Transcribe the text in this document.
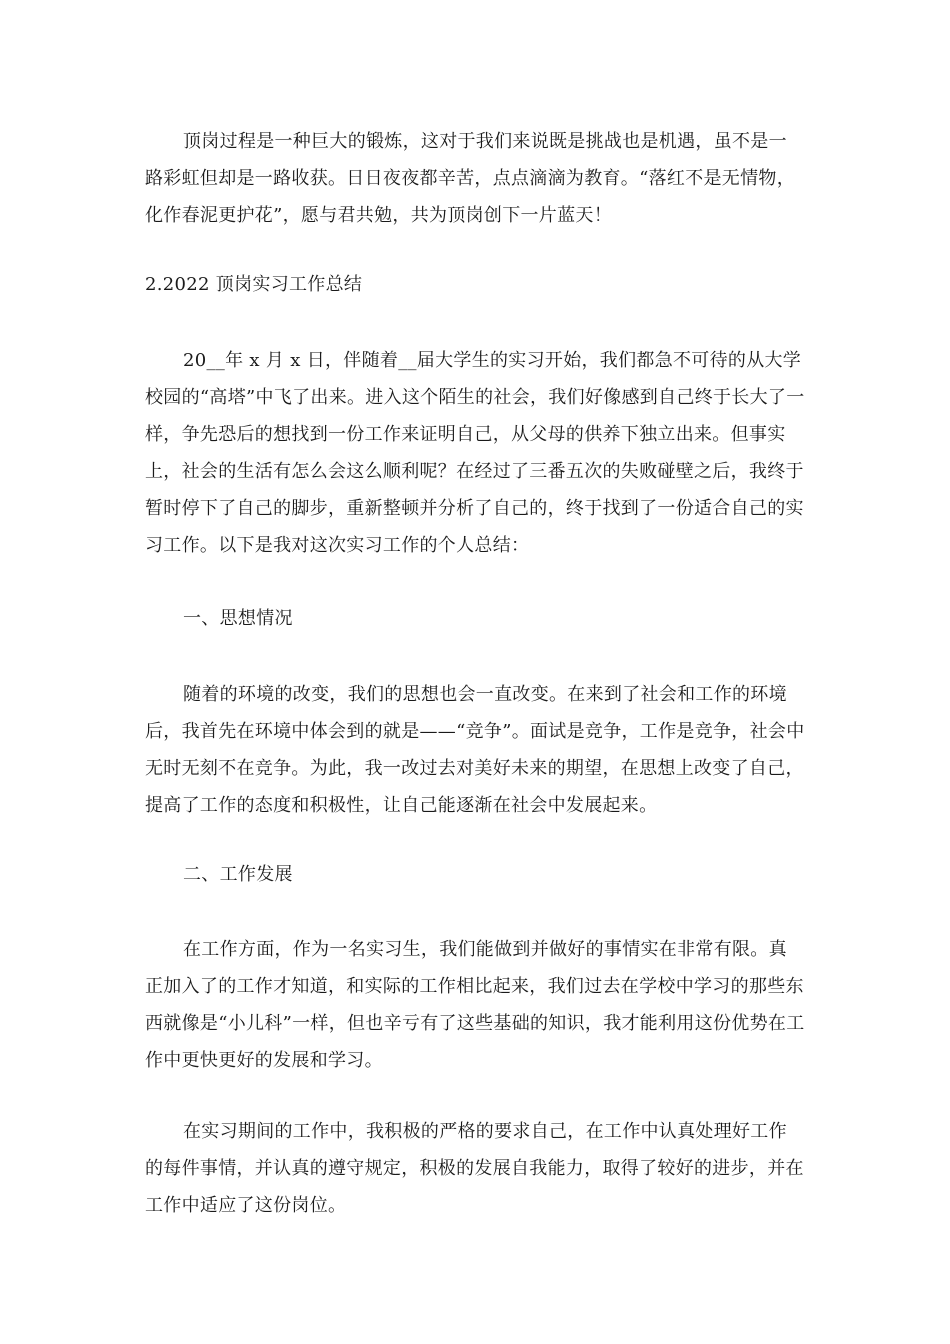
顶岗过程是一种巨大的锻炼，这对于我们来说既是挑战也是机遇，虽不是一路彩虹但却是一路收获。日日夜夜都辛苦，点点滴滴为教育。“落红不是无情物，化作春泥更护花”，愿与君共勉，共为顶岗创下一片蓝天！

2.2022 顶岗实习工作总结

20__年 x 月 x 日，伴随着__届大学生的实习开始，我们都急不可待的从大学校园的“高塔”中飞了出来。进入这个陌生的社会，我们好像感到自己终于长大了一样，争先恐后的想找到一份工作来证明自己，从父母的供养下独立出来。但事实上，社会的生活有怎么会这么顺利呢？在经过了三番五次的失败碰壁之后，我终于暂时停下了自己的脚步，重新整顿并分析了自己的，终于找到了一份适合自己的实习工作。以下是我对这次实习工作的个人总结：

一、思想情况

随着的环境的改变，我们的思想也会一直改变。在来到了社会和工作的环境后，我首先在环境中体会到的就是——“竞争”。面试是竞争，工作是竞争，社会中无时无刻不在竞争。为此，我一改过去对美好未来的期望，在思想上改变了自己，提高了工作的态度和积极性，让自己能逐渐在社会中发展起来。

二、工作发展

在工作方面，作为一名实习生，我们能做到并做好的事情实在非常有限。真正加入了的工作才知道，和实际的工作相比起来，我们过去在学校中学习的那些东西就像是“小儿科”一样，但也辛亏有了这些基础的知识，我才能利用这份优势在工作中更快更好的发展和学习。

在实习期间的工作中，我积极的严格的要求自己，在工作中认真处理好工作的每件事情，并认真的遵守规定，积极的发展自我能力，取得了较好的进步，并在工作中适应了这份岗位。
